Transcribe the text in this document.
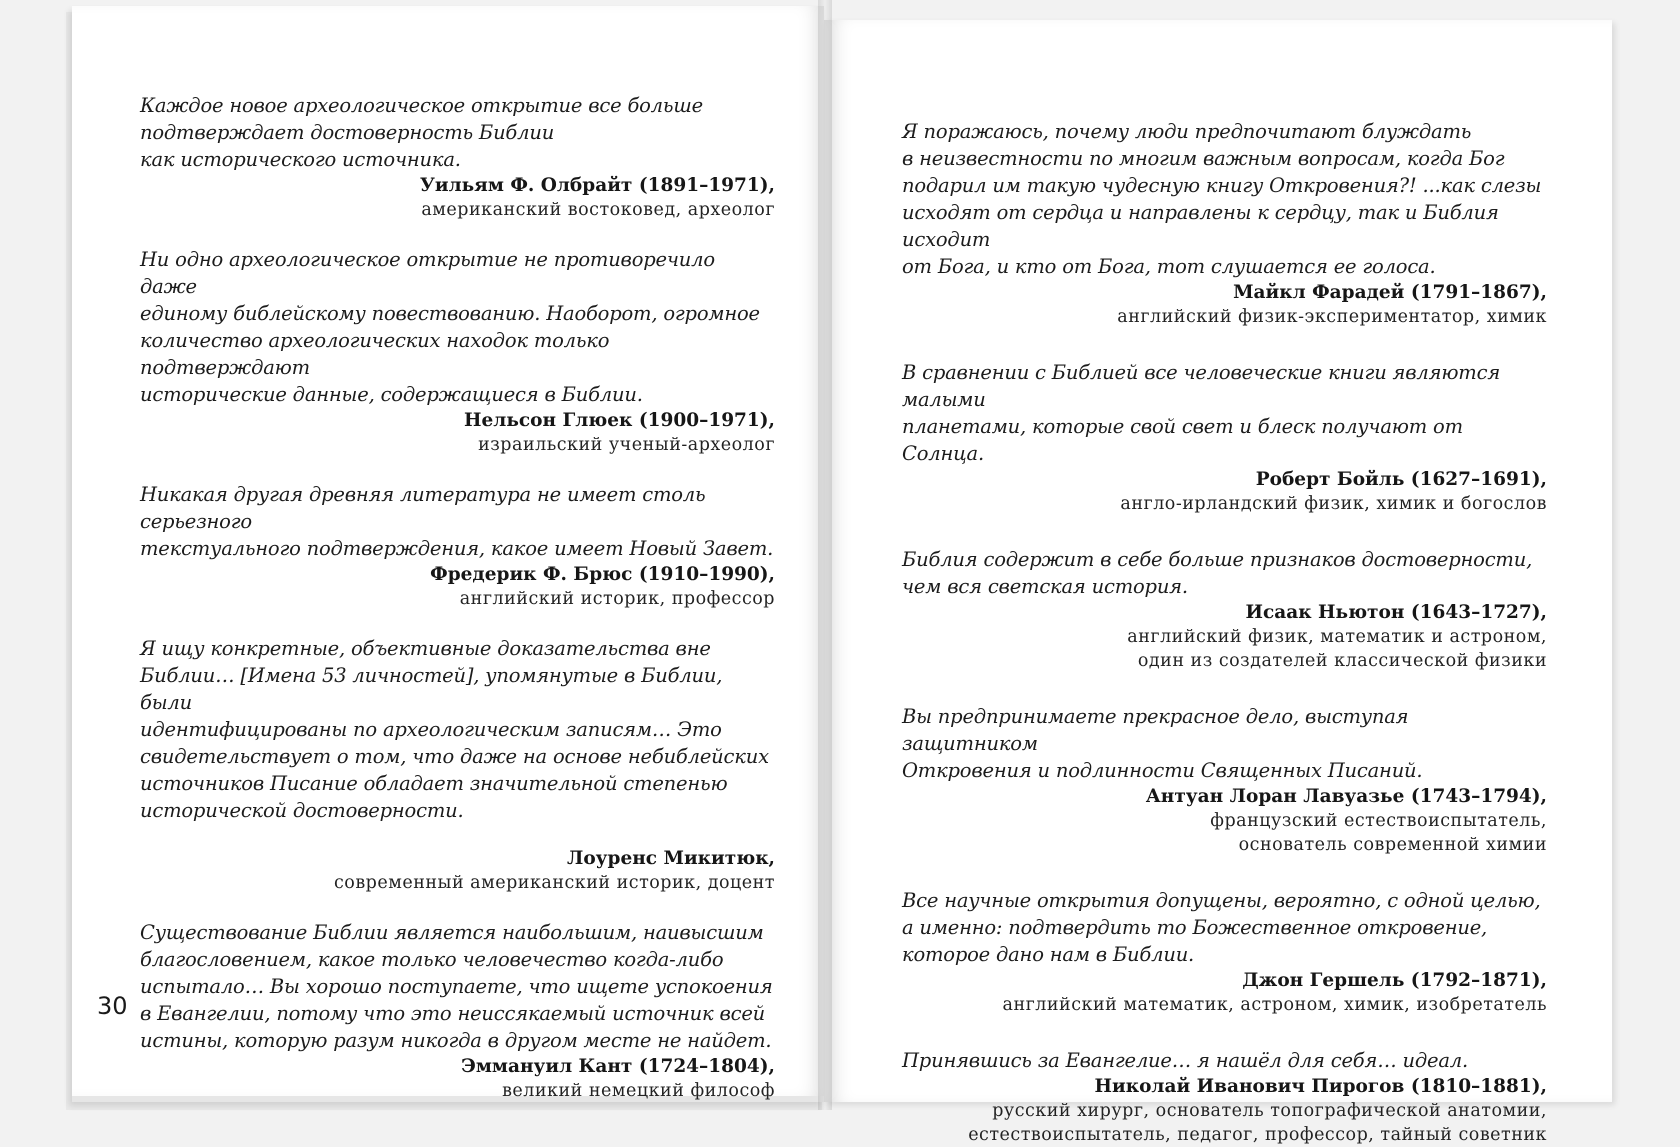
Каждое новое археологическое открытие все больше
подтверждает достоверность Библии
как исторического источника.
Уильям Ф. Олбрайт (1891–1971),
американский востоковед, археолог
Ни одно археологическое открытие не противоречило даже
единому библейскому повествованию. Наоборот, огромное
количество археологических находок только подтверждают
исторические данные, содержащиеся в Библии.
Нельсон Глюек (1900–1971),
израильский ученый-археолог
Никакая другая древняя литература не имеет столь серьезного
текстуального подтверждения, какое имеет Новый Завет.
Фредерик Ф. Брюс (1910–1990),
английский историк, профессор
Я ищу конкретные, объективные доказательства вне
Библии… [Имена 53 личностей], упомянутые в Библии, были
идентифицированы по археологическим записям… Это
свидетельствует о том, что даже на основе небиблейских
источников Писание обладает значительной степенью
исторической достоверности.
Лоуренс Микитюк,
современный американский историк, доцент
Существование Библии является наибольшим, наивысшим
благословением, какое только человечество когда-либо
испытало… Вы хорошо поступаете, что ищете успокоения
в Евангелии, потому что это неиссякаемый источник всей
истины, которую разум никогда в другом месте не найдет.
Эммануил Кант (1724–1804),
великий немецкий философ
30
Я поражаюсь, почему люди предпочитают блуждать
в неизвестности по многим важным вопросам, когда Бог
подарил им такую чудесную книгу Откровения?! ...как слезы
исходят от сердца и направлены к сердцу, так и Библия исходит
от Бога, и кто от Бога, тот слушается ее голоса.
Майкл Фарадей (1791–1867),
английский физик-экспериментатор, химик
В сравнении с Библией все человеческие книги являются малыми
планетами, которые свой свет и блеск получают от Солнца.
Роберт Бойль (1627–1691),
англо-ирландский физик, химик и богослов
Библия содержит в себе больше признаков достоверности,
чем вся светская история.
Исаак Ньютон (1643–1727),
английский физик, математик и астроном,
один из создателей классической физики
Вы предпринимаете прекрасное дело, выступая защитником
Откровения и подлинности Священных Писаний.
Антуан Лоран Лавуазье (1743–1794),
французский естествоиспытатель,
основатель современной химии
Все научные открытия допущены, вероятно, с одной целью,
а именно: подтвердить то Божественное откровение,
которое дано нам в Библии.
Джон Гершель (1792–1871),
английский математик, астроном, химик, изобретатель
Принявшись за Евангелие… я нашёл для себя… идеал.
Николай Иванович Пирогов (1810–1881),
русский хирург, основатель топографической анатомии,
естествоиспытатель, педагог, профессор, тайный советник
